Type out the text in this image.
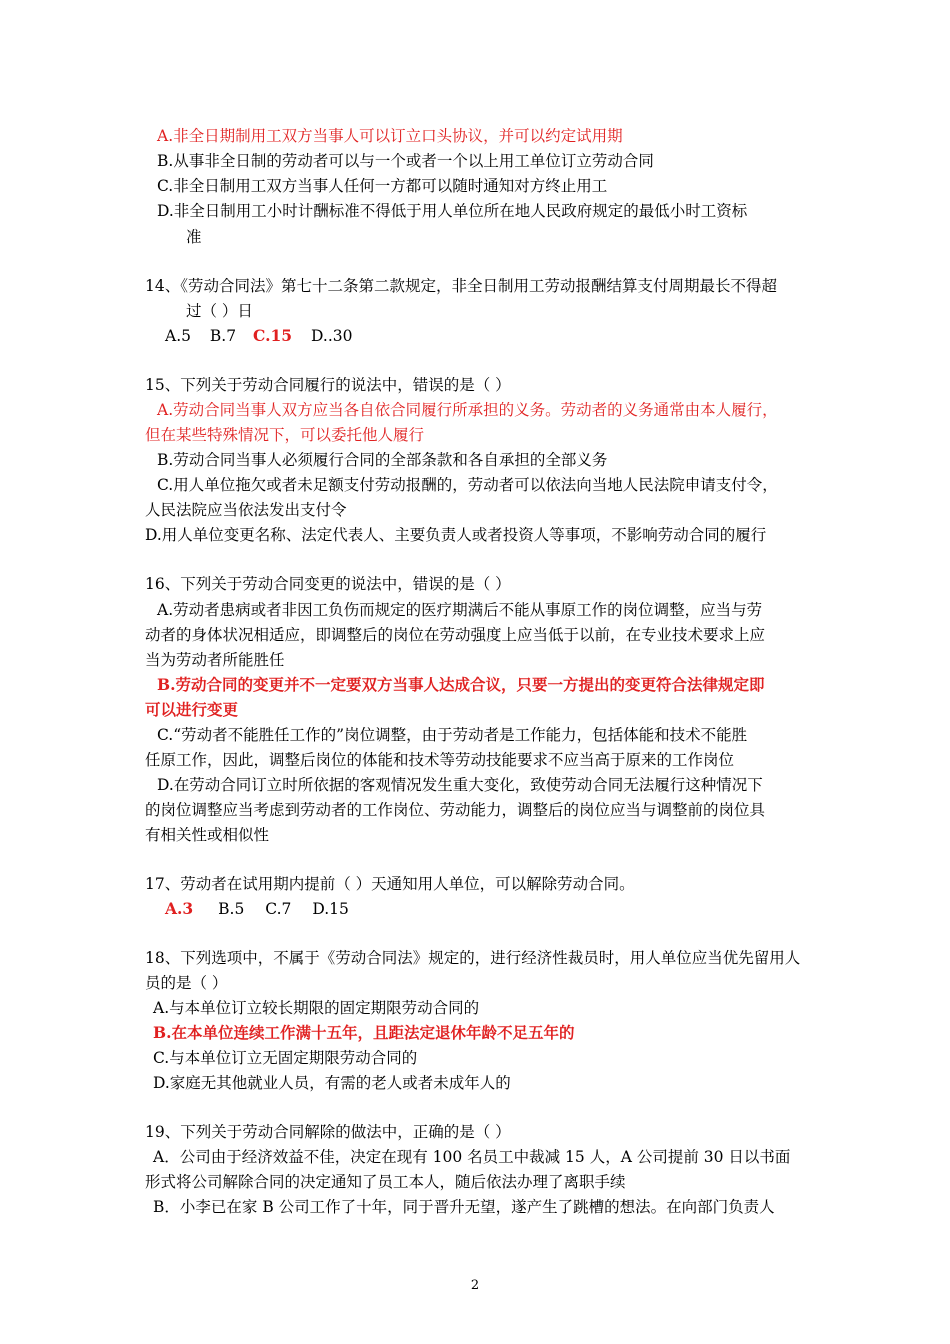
A.非全日期制用工双方当事人可以订立口头协议，并可以约定试用期
B.从事非全日制的劳动者可以与一个或者一个以上用工单位订立劳动合同
C.非全日制用工双方当事人任何一方都可以随时通知对方终止用工
D.非全日制用工小时计酬标准不得低于用人单位所在地人民政府规定的最低小时工资标
准
14、《劳动合同法》第七十二条第二款规定，非全日制用工劳动报酬结算支付周期最长不得超
过（ ）日
A.5 B.7 C.15 D..30
15、下列关于劳动合同履行的说法中，错误的是（ ）
A.劳动合同当事人双方应当各自依合同履行所承担的义务。劳动者的义务通常由本人履行，
但在某些特殊情况下，可以委托他人履行
B.劳动合同当事人必须履行合同的全部条款和各自承担的全部义务
C.用人单位拖欠或者未足额支付劳动报酬的，劳动者可以依法向当地人民法院申请支付令，
人民法院应当依法发出支付令
D.用人单位变更名称、法定代表人、主要负责人或者投资人等事项，不影响劳动合同的履行
16、下列关于劳动合同变更的说法中，错误的是（ ）
A.劳动者患病或者非因工负伤而规定的医疗期满后不能从事原工作的岗位调整，应当与劳
动者的身体状况相适应，即调整后的岗位在劳动强度上应当低于以前，在专业技术要求上应
当为劳动者所能胜任
B.劳动合同的变更并不一定要双方当事人达成合议，只要一方提出的变更符合法律规定即
可以进行变更
C.“劳动者不能胜任工作的”岗位调整，由于劳动者是工作能力，包括体能和技术不能胜
任原工作，因此，调整后岗位的体能和技术等劳动技能要求不应当高于原来的工作岗位
D.在劳动合同订立时所依据的客观情况发生重大变化，致使劳动合同无法履行这种情况下
的岗位调整应当考虑到劳动者的工作岗位、劳动能力，调整后的岗位应当与调整前的岗位具
有相关性或相似性
17、劳动者在试用期内提前（ ）天通知用人单位，可以解除劳动合同。
A.3 B.5 C.7 D.15
18、下列选项中，不属于《劳动合同法》规定的，进行经济性裁员时，用人单位应当优先留用人
员的是（ ）
A.与本单位订立较长期限的固定期限劳动合同的
B.在本单位连续工作满十五年，且距法定退休年龄不足五年的
C.与本单位订立无固定期限劳动合同的
D.家庭无其他就业人员，有需的老人或者未成年人的
19、下列关于劳动合同解除的做法中，正确的是（ ）
A．公司由于经济效益不佳，决定在现有 100 名员工中裁减 15 人，A 公司提前 30 日以书面
形式将公司解除合同的决定通知了员工本人，随后依法办理了离职手续
B．小李已在家 B 公司工作了十年，同于晋升无望，遂产生了跳槽的想法。在向部门负责人
2
